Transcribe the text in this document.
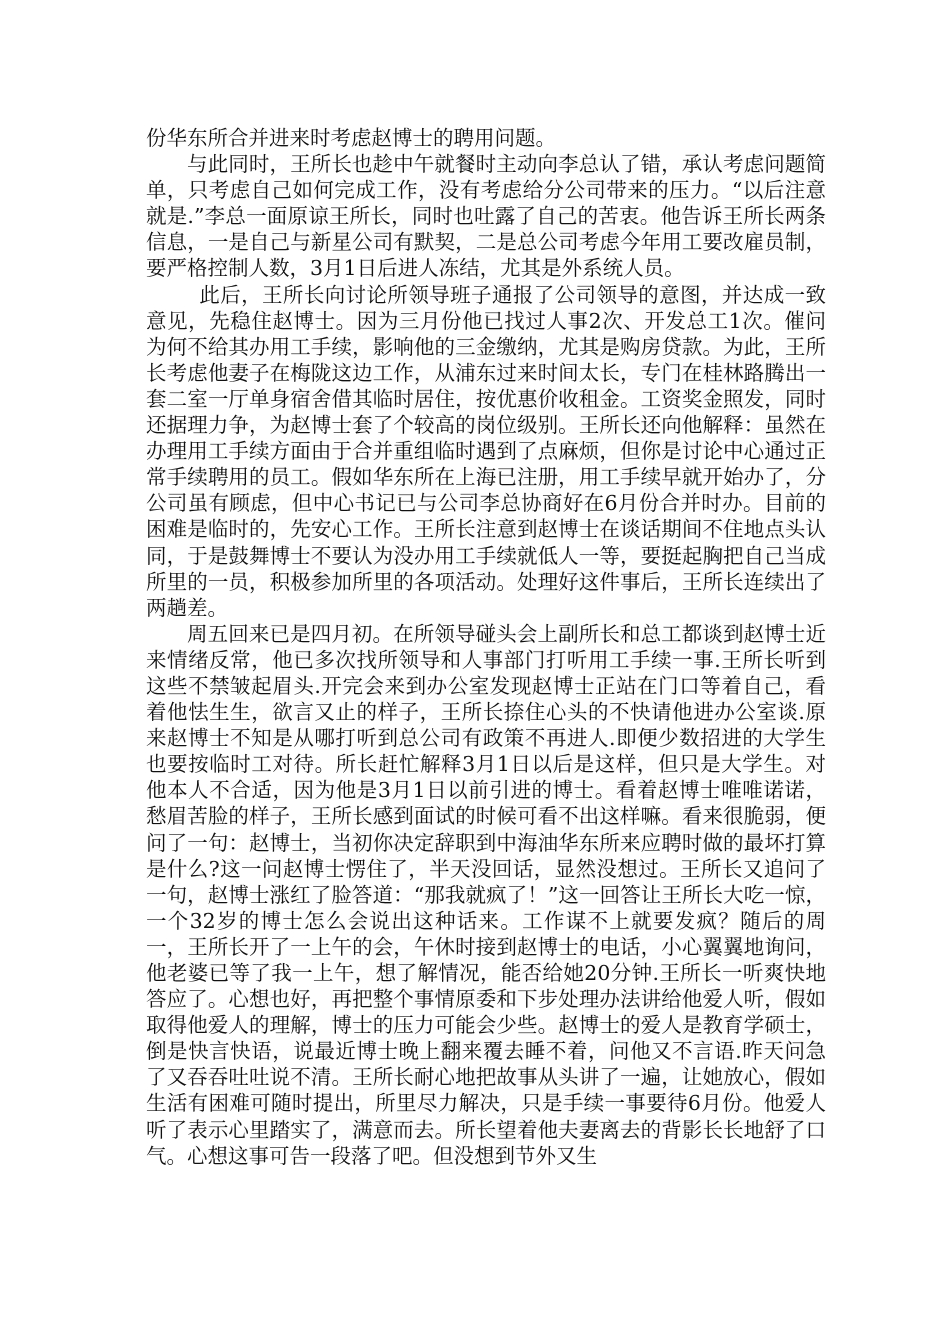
份华东所合并进来时考虑赵博士的聘用问题。

与此同时，王所长也趁中午就餐时主动向李总认了错，承认考虑问题简单，只考虑自己如何完成工作，没有考虑给分公司带来的压力。“以后注意就是.”李总一面原谅王所长，同时也吐露了自己的苦衷。他告诉王所长两条信息，一是自己与新星公司有默契，二是总公司考虑今年用工要改雇员制，要严格控制人数，3月1日后进人冻结，尤其是外系统人员。

此后，王所长向讨论所领导班子通报了公司领导的意图，并达成一致意见，先稳住赵博士。因为三月份他已找过人事2次、开发总工1次。催问为何不给其办用工手续，影响他的三金缴纳，尤其是购房贷款。为此，王所长考虑他妻子在梅陇这边工作，从浦东过来时间太长，专门在桂林路腾出一套二室一厅单身宿舍借其临时居住，按优惠价收租金。工资奖金照发，同时还据理力争，为赵博士套了个较高的岗位级别。王所长还向他解释：虽然在办理用工手续方面由于合并重组临时遇到了点麻烦，但你是讨论中心通过正常手续聘用的员工。假如华东所在上海已注册，用工手续早就开始办了，分公司虽有顾虑，但中心书记已与公司李总协商好在6月份合并时办。目前的困难是临时的，先安心工作。王所长注意到赵博士在谈话期间不住地点头认同，于是鼓舞博士不要认为没办用工手续就低人一等，要挺起胸把自己当成所里的一员，积极参加所里的各项活动。处理好这件事后，王所长连续出了两趟差。

周五回来已是四月初。在所领导碰头会上副所长和总工都谈到赵博士近来情绪反常，他已多次找所领导和人事部门打听用工手续一事.王所长听到这些不禁皱起眉头.开完会来到办公室发现赵博士正站在门口等着自己，看着他怯生生，欲言又止的样子，王所长捺住心头的不快请他进办公室谈.原来赵博士不知是从哪打听到总公司有政策不再进人.即便少数招进的大学生也要按临时工对待。所长赶忙解释3月1日以后是这样，但只是大学生。对他本人不合适，因为他是3月1日以前引进的博士。看着赵博士唯唯诺诺，愁眉苦脸的样子，王所长感到面试的时候可看不出这样嘛。看来很脆弱，便问了一句：赵博士，当初你决定辞职到中海油华东所来应聘时做的最坏打算是什么?这一问赵博士愣住了，半天没回话，显然没想过。王所长又追问了一句，赵博士涨红了脸答道：“那我就疯了！”这一回答让王所长大吃一惊，一个32岁的博士怎么会说出这种话来。工作谋不上就要发疯？随后的周一，王所长开了一上午的会，午休时接到赵博士的电话，小心翼翼地询问，他老婆已等了我一上午，想了解情况，能否给她20分钟.王所长一听爽快地答应了。心想也好，再把整个事情原委和下步处理办法讲给他爱人听，假如取得他爱人的理解，博士的压力可能会少些。赵博士的爱人是教育学硕士，倒是快言快语，说最近博士晚上翻来覆去睡不着，问他又不言语.昨天问急了又吞吞吐吐说不清。王所长耐心地把故事从头讲了一遍，让她放心，假如生活有困难可随时提出，所里尽力解决，只是手续一事要待6月份。他爱人听了表示心里踏实了，满意而去。所长望着他夫妻离去的背影长长地舒了口气。心想这事可告一段落了吧。但没想到节外又生
